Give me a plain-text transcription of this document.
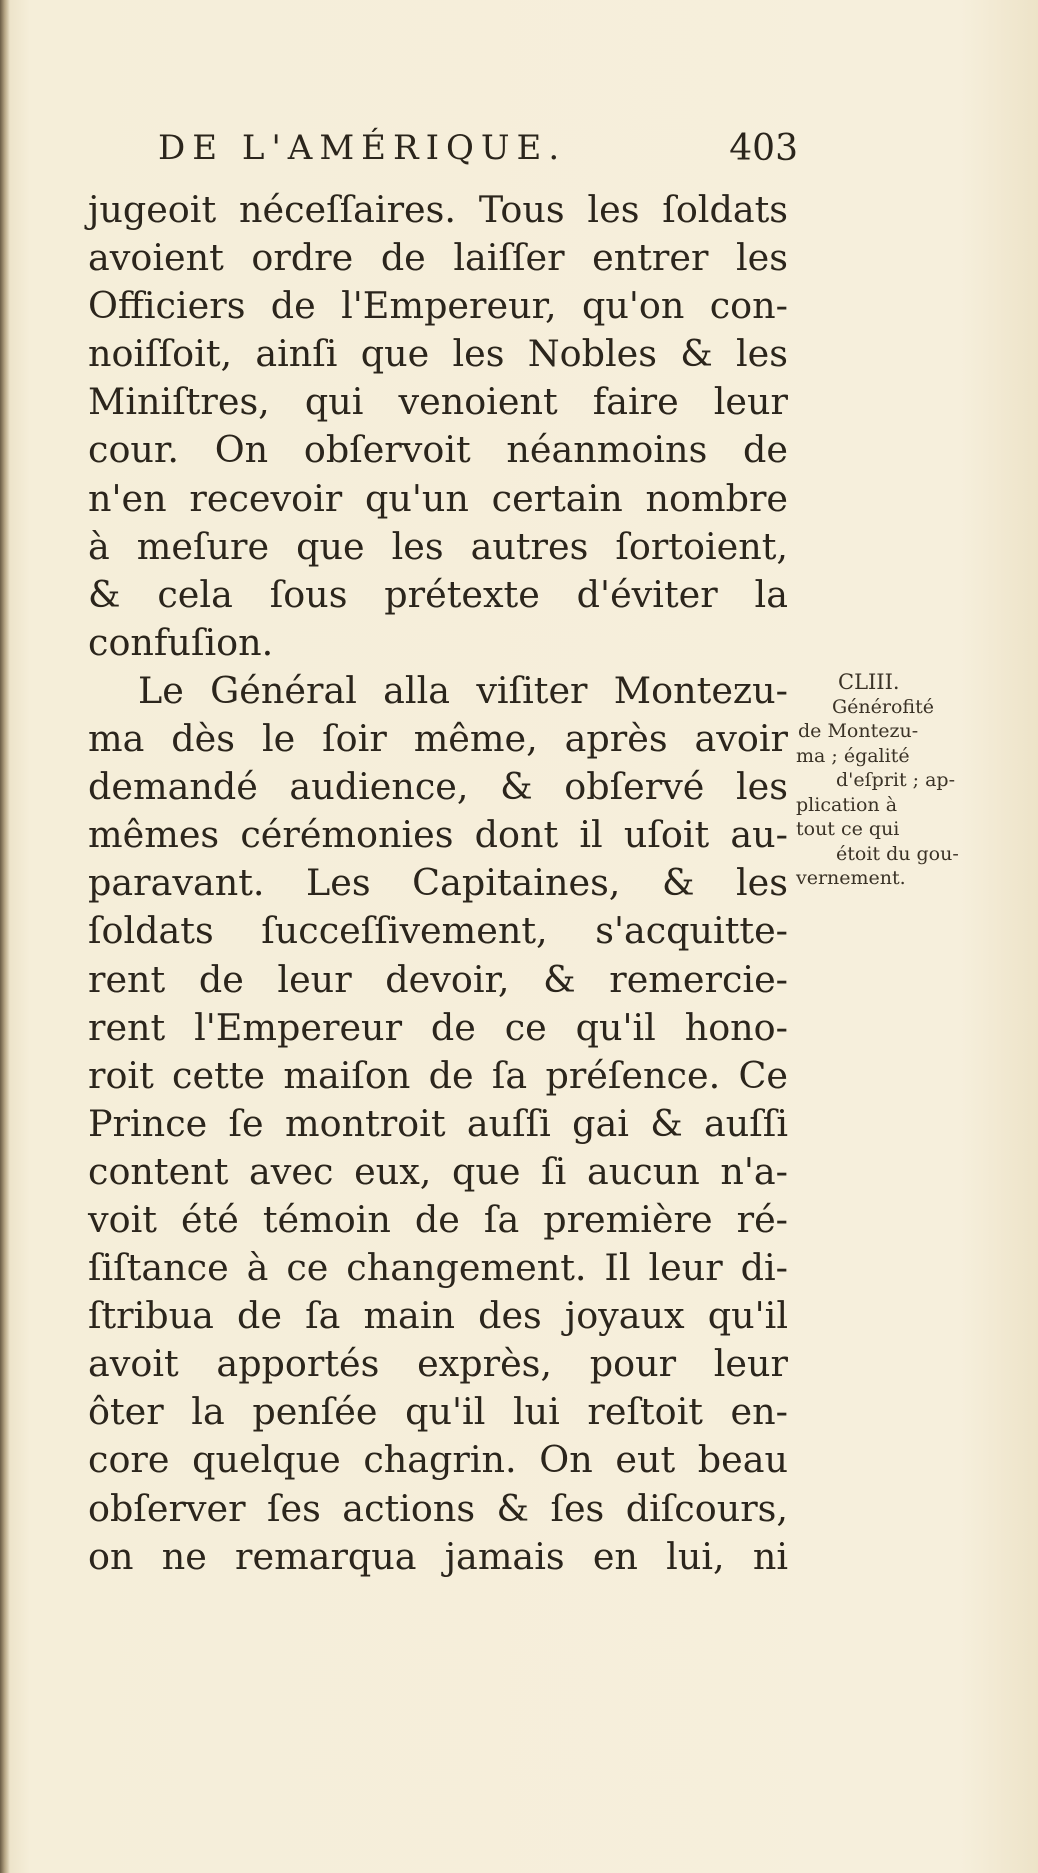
DE L'AMÉRIQUE.	403
jugeoit néceſſaires. Tous les ſoldats
avoient ordre de laiſſer entrer les
Officiers de l'Empereur, qu'on con-
noiſſoit, ainſi que les Nobles & les
Miniſtres, qui venoient faire leur
cour. On obſervoit néanmoins de
n'en recevoir qu'un certain nombre
à meſure que les autres ſortoient,
& cela ſous prétexte d'éviter la
confuſion.
Le Général alla viſiter Montezu-
ma dès le ſoir même, après avoir
demandé audience, & obſervé les
mêmes cérémonies dont il uſoit au-
paravant. Les Capitaines, & les
ſoldats ſucceſſivement, s'acquitte-
rent de leur devoir, & remercie-
rent l'Empereur de ce qu'il hono-
roit cette maiſon de ſa préſence. Ce
Prince ſe montroit auſſi gai & auſſi
content avec eux, que ſi aucun n'a-
voit été témoin de ſa première ré-
ſiſtance à ce changement. Il leur di-
ſtribua de ſa main des joyaux qu'il
avoit apportés exprès, pour leur
ôter la penſée qu'il lui reſtoit en-
core quelque chagrin. On eut beau
obſerver ſes actions & ſes diſcours,
on ne remarqua jamais en lui, ni
CLIII.
Générofité
de Montezu-
ma ; égalité
d'eſprit ; ap-
plication à
tout ce qui
étoit du gou-
vernement.
